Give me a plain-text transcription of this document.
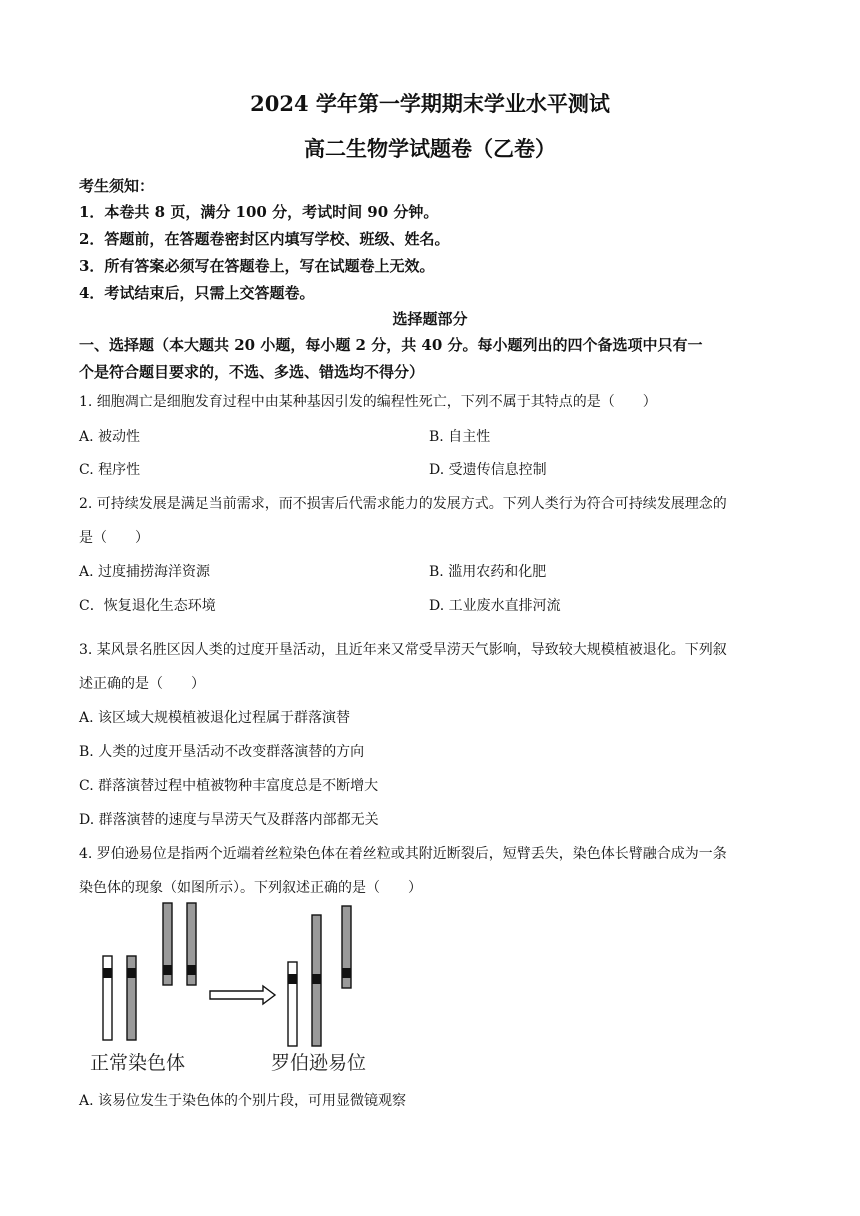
2024 学年第一学期期末学业水平测试
高二生物学试题卷（乙卷）
考生须知：
1．本卷共 8 页，满分 100 分，考试时间 90 分钟。
2．答题前，在答题卷密封区内填写学校、班级、姓名。
3．所有答案必须写在答题卷上，写在试题卷上无效。
4．考试结束后，只需上交答题卷。
选择题部分
一、选择题（本大题共 20 小题，每小题 2 分，共 40 分。每小题列出的四个备选项中只有一
个是符合题目要求的，不选、多选、错选均不得分）
1. 细胞凋亡是细胞发育过程中由某种基因引发的编程性死亡，下列不属于其特点的是（　　）
A. 被动性	B. 自主性
C. 程序性	D. 受遗传信息控制
2. 可持续发展是满足当前需求，而不损害后代需求能力的发展方式。下列人类行为符合可持续发展理念的
是（　　）
A. 过度捕捞海洋资源	B. 滥用农药和化肥
C．恢复退化生态环境	D. 工业废水直排河流
3. 某风景名胜区因人类的过度开垦活动，且近年来又常受旱涝天气影响，导致较大规模植被退化。下列叙
述正确的是（　　）
A. 该区域大规模植被退化过程属于群落演替
B. 人类的过度开垦活动不改变群落演替的方向
C. 群落演替过程中植被物种丰富度总是不断增大
D. 群落演替的速度与旱涝天气及群落内部都无关
4. 罗伯逊易位是指两个近端着丝粒染色体在着丝粒或其附近断裂后，短臂丢失，染色体长臂融合成为一条
染色体的现象（如图所示）。下列叙述正确的是（　　）
正常染色体	罗伯逊易位
A. 该易位发生于染色体的个别片段，可用显微镜观察
